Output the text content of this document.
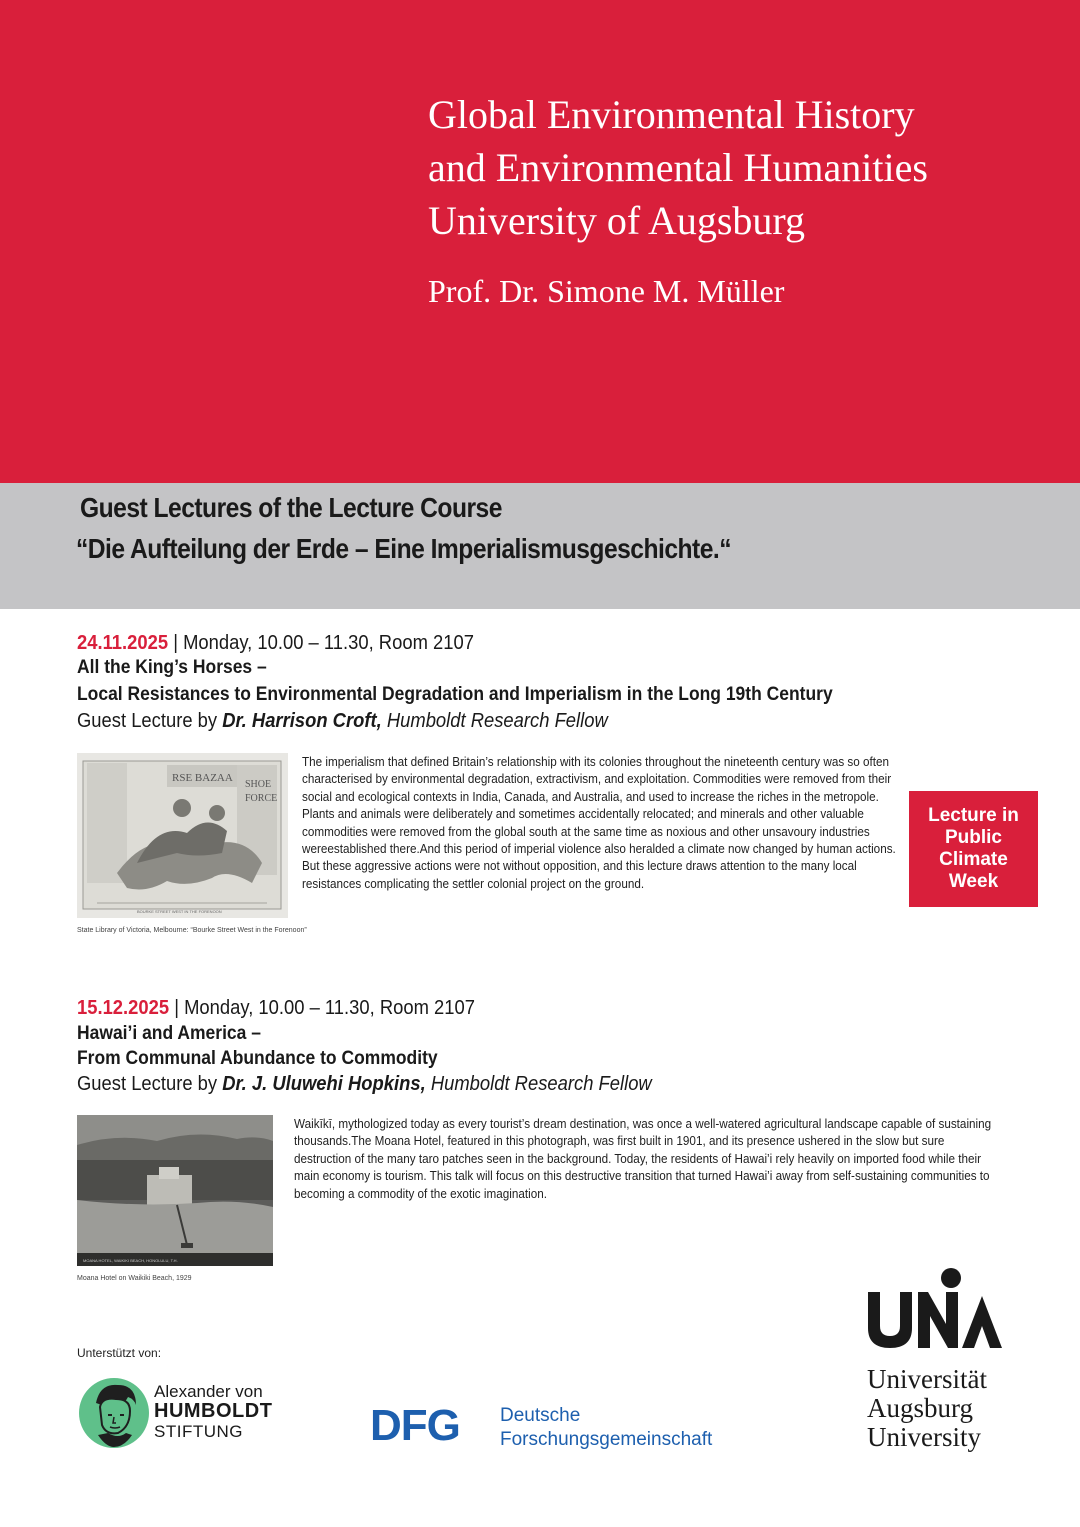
Global Environmental History
and Environmental Humanities
University of Augsburg
Prof. Dr. Simone M. Müller
Guest Lectures of the Lecture Course
“Die Aufteilung der Erde – Eine Imperialismusgeschichte.“
24.11.2025 | Monday, 10.00 – 11.30, Room 2107
All the King’s Horses –
Local Resistances to Environmental Degradation and Imperialism in the Long 19th Century
Guest Lecture by Dr. Harrison Croft, Humboldt Research Fellow
RSE BAZAA
SHOE
FORCE
BOURKE STREET WEST IN THE FORENOON
State Library of Victoria, Melbourne: “Bourke Street West in the Forenoon”
The imperialism that defined Britain’s relationship with its colonies throughout the nineteenth century was so often characterised by environmental degradation, extractivism, and exploitation. Commodities were removed from their social and ecological contexts in India, Canada, and Australia, and used to increase the riches in the metropole. Plants and animals were deliberately and sometimes accidentally relocated; and minerals and other valuable commodities were removed from the global south at the same time as noxious and other unsavoury industries wereestablished there.And this period of imperial violence also heralded a climate now changed by human actions. But these aggressive actions were not without opposition, and this lecture draws attention to the many local resistances complicating the settler colonial project on the ground.
Lecture in
Public
Climate
Week
15.12.2025 | Monday, 10.00 – 11.30, Room 2107
Hawai’i and America –
From Communal Abundance to Commodity
Guest Lecture by Dr. J. Uluwehi Hopkins, Humboldt Research Fellow
MOANA HOTEL, WAIKIKI BEACH, HONOLULU, T.H.
Moana Hotel on Waikiki Beach, 1929
Waikīkī, mythologized today as every tourist’s dream destination, was once a well-watered agricultural landscape capable of sustaining thousands.The Moana Hotel, featured in this photograph, was first built in 1901, and its presence ushered in the slow but sure destruction of the many taro patches seen in the background. Today, the residents of Hawai’i rely heavily on imported food while their main economy is tourism. This talk will focus on this destructive transition that turned Hawai’i away from self-sustaining communities to becoming a commodity of the exotic imagination.
Unterstützt von:
Alexander von
HUMBOLDT
STIFTUNG	DFG Deutsche
Forschungsgemeinschaft
Universität
Augsburg
University
